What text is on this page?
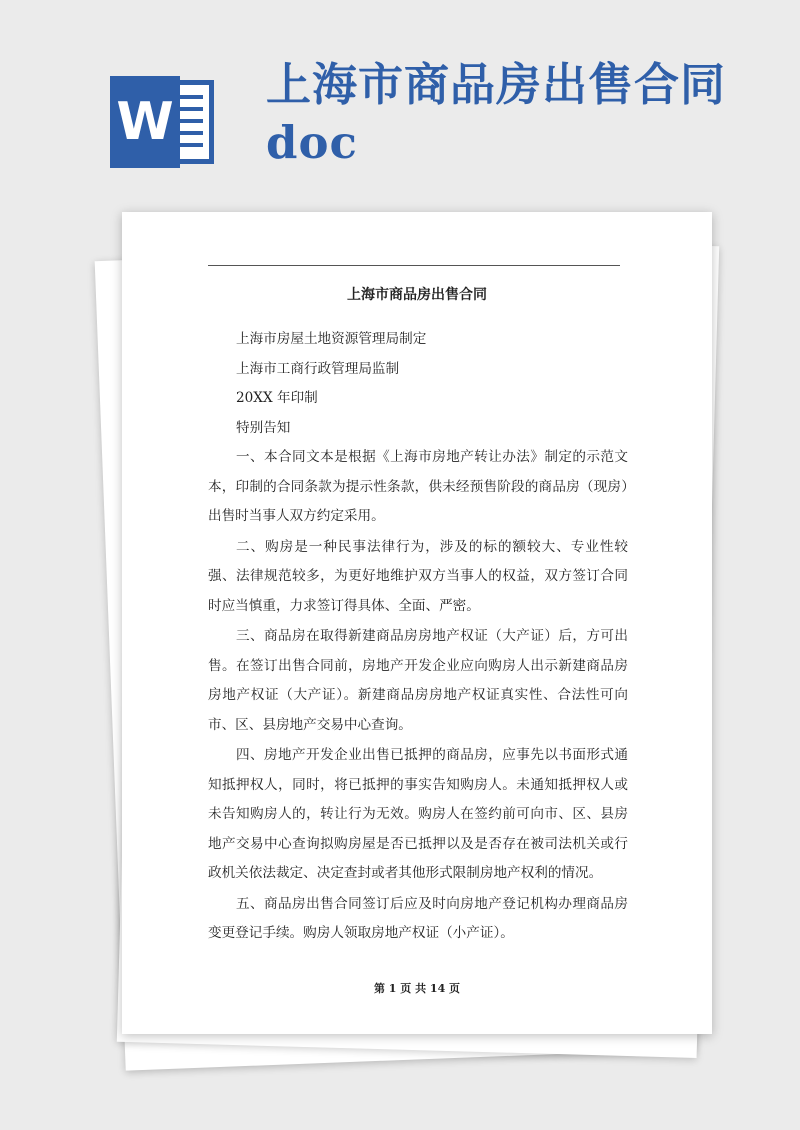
W
上海市商品房出售合同doc
上海市商品房出售合同

上海市房屋土地资源管理局制定

上海市工商行政管理局监制

20XX 年印制

特别告知

一、本合同文本是根据《上海市房地产转让办法》制定的示范文本，印制的合同条款为提示性条款，供未经预售阶段的商品房（现房）出售时当事人双方约定采用。

二、购房是一种民事法律行为，涉及的标的额较大、专业性较强、法律规范较多，为更好地维护双方当事人的权益，双方签订合同时应当慎重，力求签订得具体、全面、严密。

三、商品房在取得新建商品房房地产权证（大产证）后，方可出售。在签订出售合同前，房地产开发企业应向购房人出示新建商品房房地产权证（大产证）。新建商品房房地产权证真实性、合法性可向市、区、县房地产交易中心查询。

四、房地产开发企业出售已抵押的商品房，应事先以书面形式通知抵押权人，同时，将已抵押的事实告知购房人。未通知抵押权人或未告知购房人的，转让行为无效。购房人在签约前可向市、区、县房地产交易中心查询拟购房屋是否已抵押以及是否存在被司法机关或行政机关依法裁定、决定查封或者其他形式限制房地产权利的情况。

五、商品房出售合同签订后应及时向房地产登记机构办理商品房变更登记手续。购房人领取房地产权证（小产证）。

第 1 页 共 14 页
